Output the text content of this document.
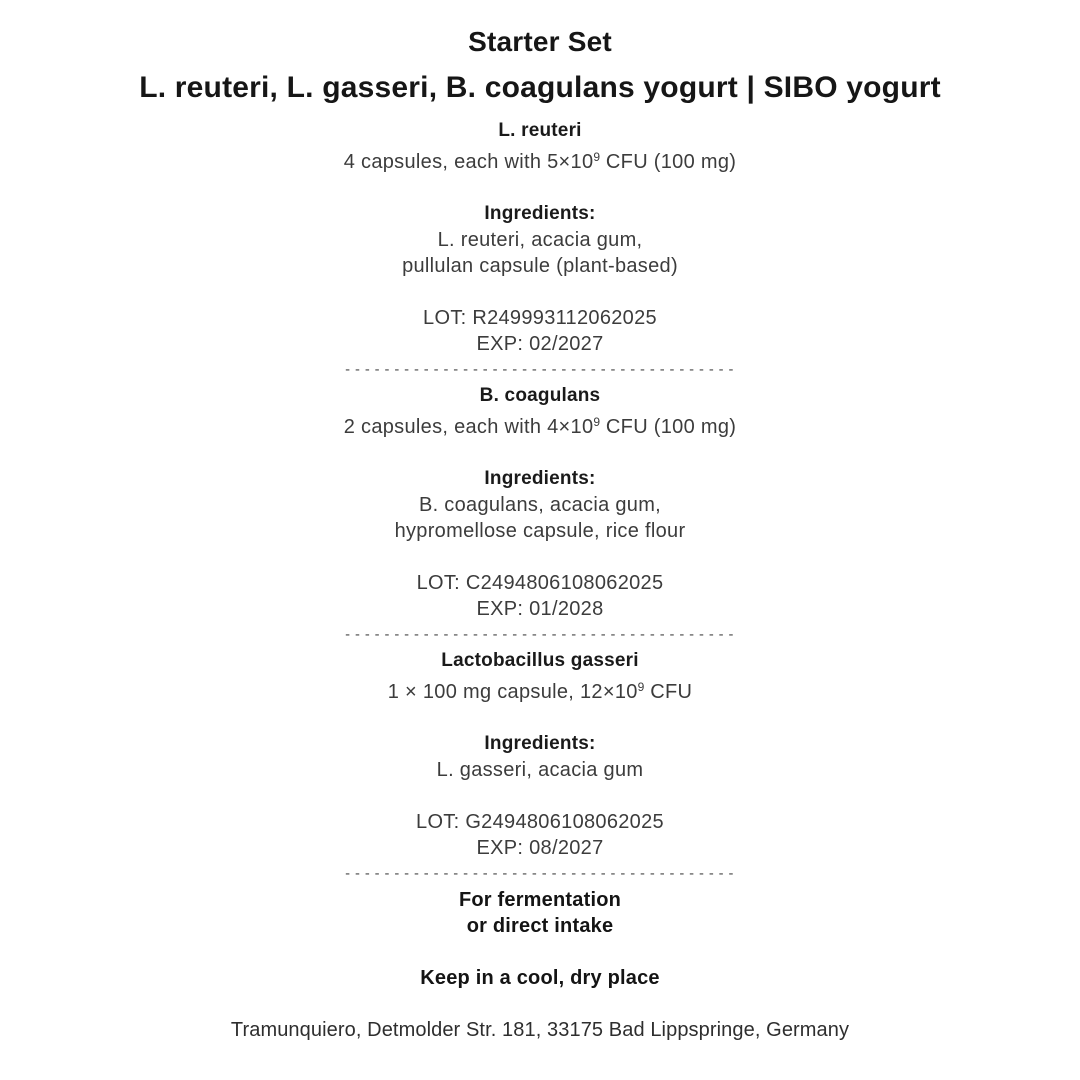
Starter Set
L. reuteri, L. gasseri, B. coagulans yogurt | SIBO yogurt
L. reuteri
4 capsules, each with $5\times 10^9$ CFU (100 mg)
Ingredients:
L. reuteri, acacia gum,
pullulan capsule (plant-based)
LOT: R249993112062025
EXP: 02/2027
----------------------------------------
B. coagulans
2 capsules, each with $4\times 10^9$ CFU (100 mg)
Ingredients:
B. coagulans, acacia gum,
hypromellose capsule, rice flour
LOT: C2494806108062025
EXP: 01/2028
----------------------------------------
Lactobacillus gasseri
1 × 100 mg capsule, $12\times 10^9$ CFU
Ingredients:
L. gasseri, acacia gum
LOT: G2494806108062025
EXP: 08/2027
----------------------------------------
For fermentation
or direct intake
Keep in a cool, dry place
Tramunquiero, Detmolder Str. 181, 33175 Bad Lippspringe, Germany
